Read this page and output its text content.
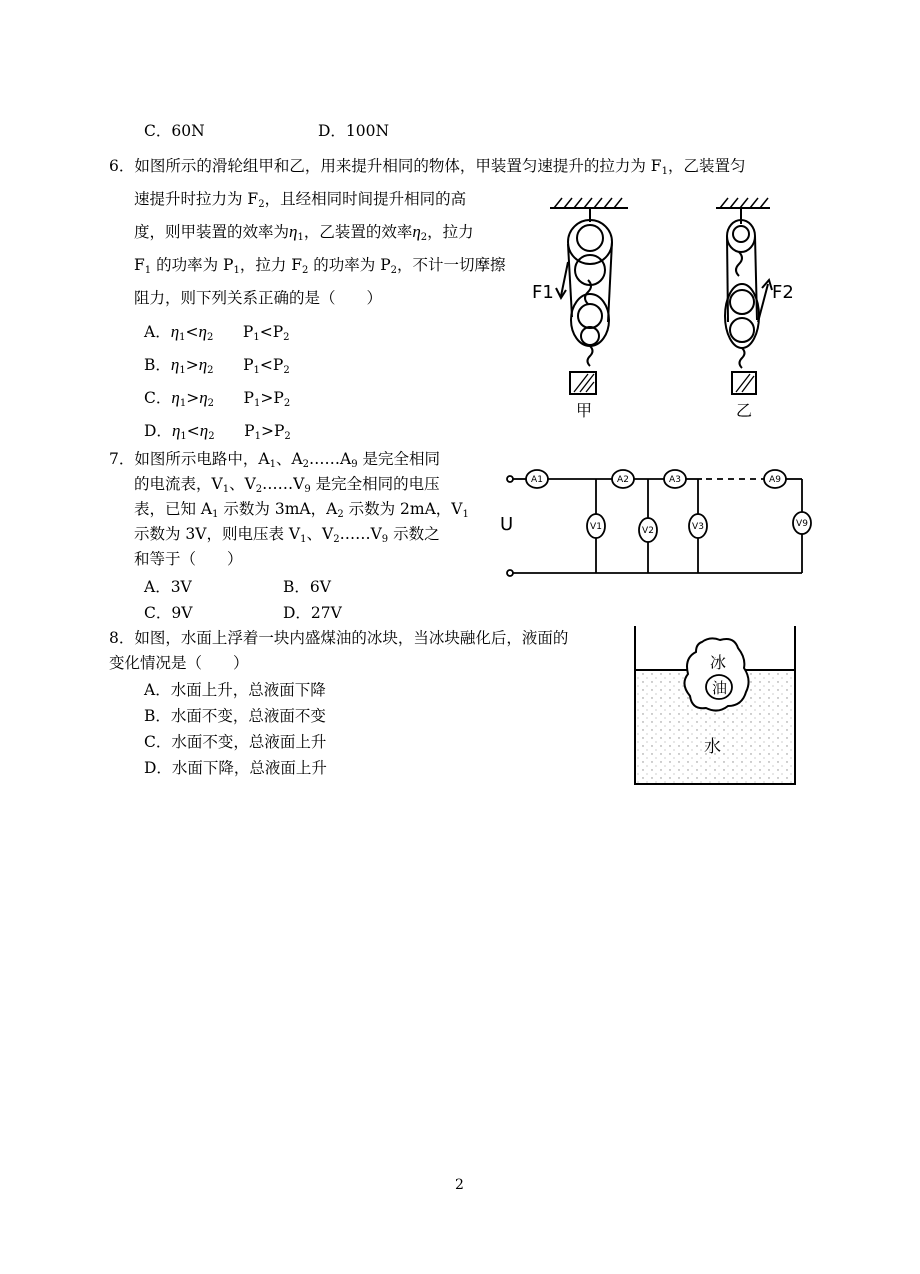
C．60N	D．100N
6．如图所示的滑轮组甲和乙，用来提升相同的物体，甲装置匀速提升的拉力为 $F_1$，乙装置匀
速提升时拉力为 $F_2$，且经相同时间提升相同的高
度，则甲装置的效率为$\eta_1$，乙装置的效率$\eta_2$，拉力
$F_1$ 的功率为 $P_1$，拉力 $F_2$ 的功率为 $P_2$，不计一切摩擦
阻力，则下列关系正确的是（　　）
A．$\eta_1<\eta_2$      $P_1<P_2$
B．$\eta_1>\eta_2$      $P_1<P_2$
C．$\eta_1>\eta_2$      $P_1>P_2$
D．$\eta_1<\eta_2$      $P_1>P_2$
F1	F2
甲	乙
7．如图所示电路中，$A_1$、$A_2\dots\dots A_9$ 是完全相同
的电流表，$V_1$、$V_2\dots\dots V_9$ 是完全相同的电压
表，已知 $A_1$ 示数为 3mA，$A_2$ 示数为 2mA，$V_1$
示数为 3V，则电压表 $V_1$、$V_2\dots\dots V_9$ 示数之
和等于（　　）
A．3V	B．6V
C．9V	D．27V
A1	A2	A3	A9
V1	V2	V3	V9
U
8．如图，水面上浮着一块内盛煤油的冰块，当冰块融化后，液面的
变化情况是（　　）
A．水面上升，总液面下降
B．水面不变，总液面不变
C．水面不变，总液面上升
D．水面下降，总液面上升
冰
油
水
2
